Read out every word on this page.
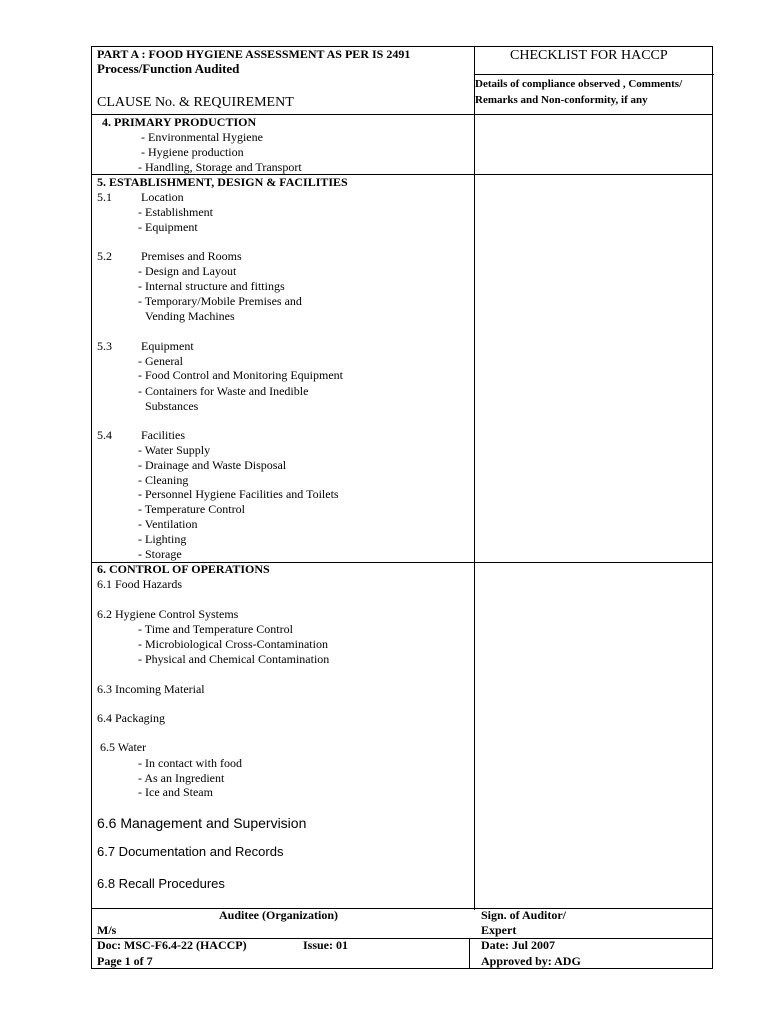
PART A : FOOD HYGIENE ASSESSMENT AS PER IS 2491
Process/Function Audited
CLAUSE No. & REQUIREMENT
CHECKLIST FOR HACCP
Details of compliance observed , Comments/
Remarks and Non-conformity, if any
4. PRIMARY PRODUCTION
- Environmental Hygiene
- Hygiene production
- Handling, Storage and Transport
5. ESTABLISHMENT, DESIGN & FACILITIES
5.1 Location
- Establishment
- Equipment
5.2 Premises and Rooms
- Design and Layout
- Internal structure and fittings
- Temporary/Mobile Premises and
Vending Machines
5.3 Equipment
- General
- Food Control and Monitoring Equipment
- Containers for Waste and Inedible
Substances
5.4 Facilities
- Water Supply
- Drainage and Waste Disposal
- Cleaning
- Personnel Hygiene Facilities and Toilets
- Temperature Control
- Ventilation
- Lighting
- Storage
6. CONTROL OF OPERATIONS
6.1 Food Hazards
6.2 Hygiene Control Systems
- Time and Temperature Control
- Microbiological Cross-Contamination
- Physical and Chemical Contamination
6.3 Incoming Material
6.4 Packaging
6.5 Water
- In contact with food
- As an Ingredient
- Ice and Steam
6.6 Management and Supervision
6.7 Documentation and Records
6.8 Recall Procedures
Auditee (Organization)
M/s
Sign. of Auditor/
Expert
Doc: MSC-F6.4-22 (HACCP)	Issue: 01	Date: Jul 2007
Page 1 of 7	Approved by: ADG
